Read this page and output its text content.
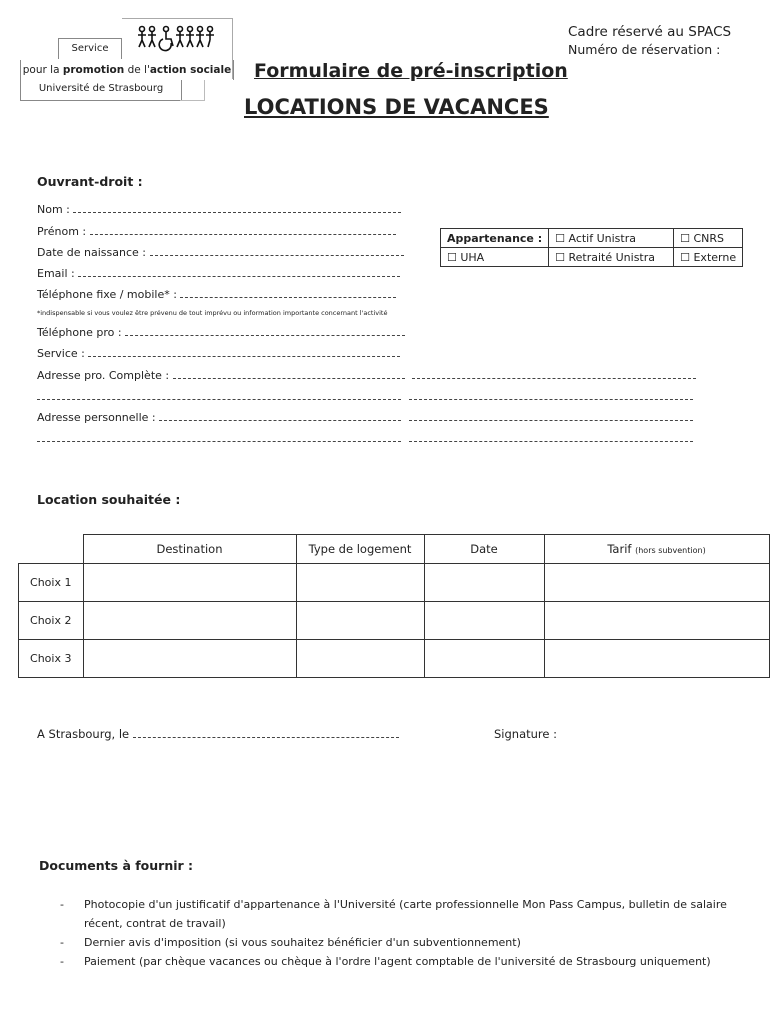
Service
pour la promotion de l'action sociale
Université de Strasbourg
Cadre réservé au SPACS
Numéro de réservation :
Formulaire de pré-inscription
LOCATIONS DE VACANCES
Ouvrant-droit :
Nom :
Prénom :
Date de naissance :
Email :
Téléphone fixe / mobile* :
*indispensable si vous voulez être prévenu de tout imprévu ou information importante concernant l'activité
Téléphone pro :
Service :
Adresse pro. Complète :

Adresse personnelle :

Appartenance :	☐ Actif Unistra	☐ CNRS
☐ UHA	☐ Retraité Unistra	☐ Externe
Location souhaitée :
	Destination	Type de logement	Date	Tarif (hors subvention)
Choix 1				
Choix 2				
Choix 3				
A Strasbourg, le	Signature :
Documents à fournir :
- Photocopie d'un justificatif d'appartenance à l'Université (carte professionnelle Mon Pass Campus, bulletin de salaire récent, contrat de travail)
- Dernier avis d'imposition (si vous souhaitez bénéficier d'un subventionnement)
- Paiement (par chèque vacances ou chèque à l'ordre l'agent comptable de l'université de Strasbourg uniquement)
